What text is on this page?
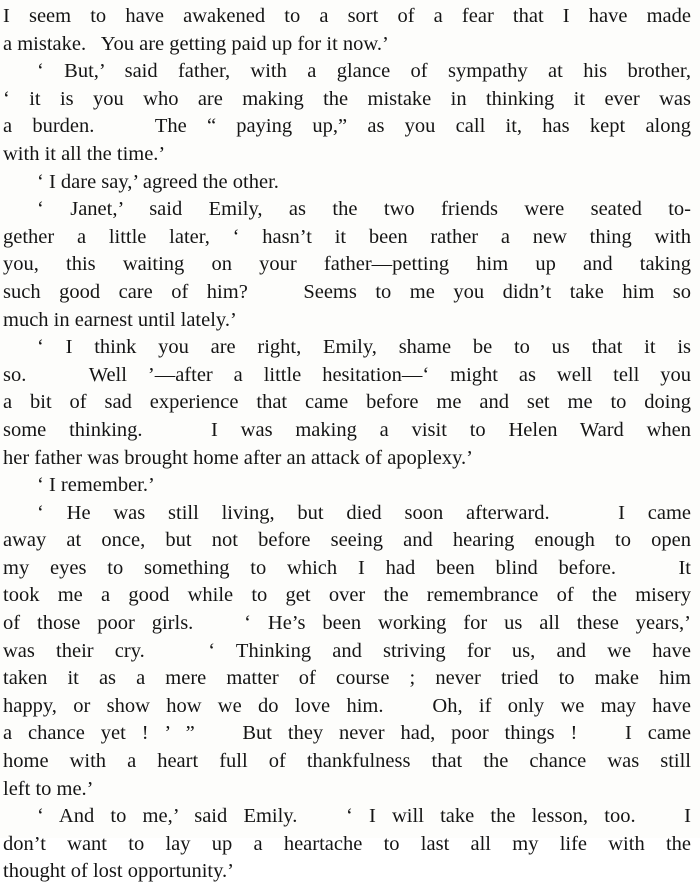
I seem to have awakened to a sort of a fear that I have made
a mistake.   You are getting paid up for it now.’
‘ But,’ said father, with a glance of sympathy at his brother,
‘ it is you who are making the mistake in thinking it ever was
a burden.   The “ paying up,” as you call it, has kept along
with it all the time.’
‘ I dare say,’ agreed the other.
‘ Janet,’ said Emily, as the two friends were seated to-
gether a little later, ‘ hasn’t it been rather a new thing with
you, this waiting on your father—petting him up and taking
such good care of him?   Seems to me you didn’t take him so
much in earnest until lately.’
‘ I think you are right, Emily, shame be to us that it is
so.   Well ’—after a little hesitation—‘ might as well tell you
a bit of sad experience that came before me and set me to doing
some thinking.   I was making a visit to Helen Ward when
her father was brought home after an attack of apoplexy.’
‘ I remember.’
‘ He was still living, but died soon afterward.   I came
away at once, but not before seeing and hearing enough to open
my eyes to something to which I had been blind before.   It
took me a good while to get over the remembrance of the misery
of those poor girls.   ‘ He’s been working for us all these years,’
was their cry.   ‘ Thinking and striving for us, and we have
taken it as a mere matter of course ; never tried to make him
happy, or show how we do love him.   Oh, if only we may have
a chance yet ! ’ ”   But they never had, poor things !   I came
home with a heart full of thankfulness that the chance was still
left to me.’
‘ And to me,’ said Emily.   ‘ I will take the lesson, too.   I
don’t want to lay up a heartache to last all my life with the
thought of lost opportunity.’
